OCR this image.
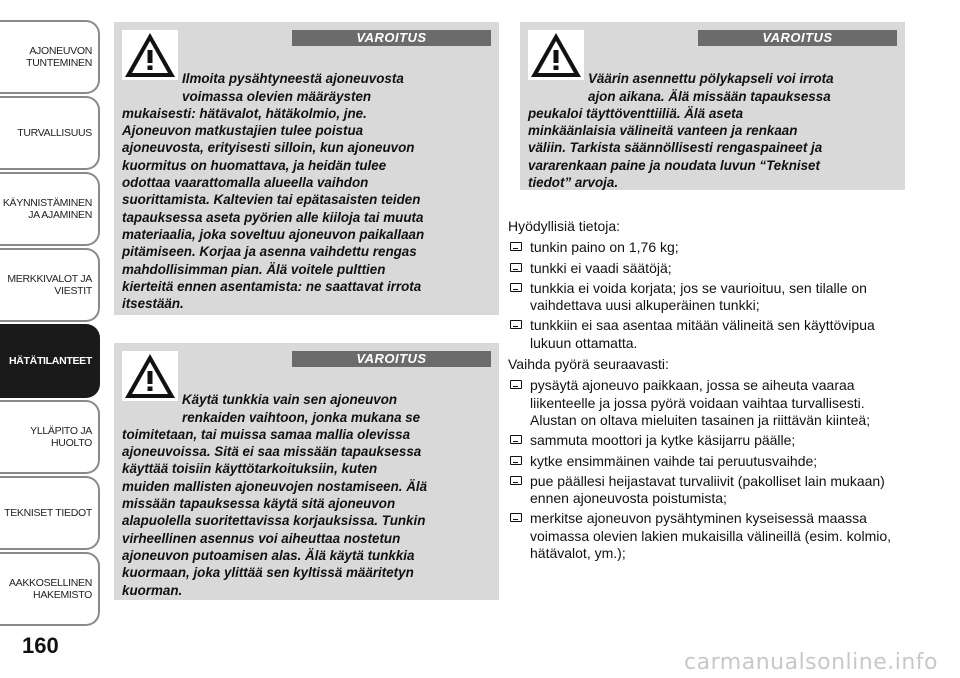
AJONEUVON
TUNTEMINEN
TURVALLISUUS
KÄYNNISTÄMINEN
JA AJAMINEN
MERKKIVALOT JA
VIESTIT
HÄTÄTILANTEET
YLLÄPITO JA HUOLTO
TEKNISET TIEDOT
AAKKOSELLINEN
HAKEMISTO
160
VAROITUS

Ilmoita pysähtyneestä ajoneuvosta
voimassa olevien määräysten
mukaisesti: hätävalot, hätäkolmio, jne.
Ajoneuvon matkustajien tulee poistua
ajoneuvosta, erityisesti silloin, kun ajoneuvon
kuormitus on huomattava, ja heidän tulee
odottaa vaarattomalla alueella vaihdon
suorittamista. Kaltevien tai epätasaisten teiden
tapauksessa aseta pyörien alle kiiloja tai muuta
materiaalia, joka soveltuu ajoneuvon paikallaan
pitämiseen. Korjaa ja asenna vaihdettu rengas
mahdollisimman pian. Älä voitele pulttien
kierteitä ennen asentamista: ne saattavat irrota
itsestään.

VAROITUS

Käytä tunkkia vain sen ajoneuvon
renkaiden vaihtoon, jonka mukana se
toimitetaan, tai muissa samaa mallia olevissa
ajoneuvoissa. Sitä ei saa missään tapauksessa
käyttää toisiin käyttötarkoituksiin, kuten
muiden mallisten ajoneuvojen nostamiseen. Älä
missään tapauksessa käytä sitä ajoneuvon
alapuolella suoritettavissa korjauksissa. Tunkin
virheellinen asennus voi aiheuttaa nostetun
ajoneuvon putoamisen alas. Älä käytä tunkkia
kuormaan, joka ylittää sen kyltissä määritetyn
kuorman.

VAROITUS

Väärin asennettu pölykapseli voi irrota
ajon aikana. Älä missään tapauksessa
peukaloi täyttöventtiiliä. Älä aseta
minkäänlaisia välineitä vanteen ja renkaan
väliin. Tarkista säännöllisesti rengaspaineet ja
vararenkaan paine ja noudata luvun “Tekniset
tiedot” arvoja.

Hyödyllisiä tietoja:

tunkin paino on 1,76 kg;
tunkki ei vaadi säätöjä;
tunkkia ei voida korjata; jos se vaurioituu, sen tilalle on vaihdettava uusi alkuperäinen tunkki;
tunkkiin ei saa asentaa mitään välineitä sen käyttövipua lukuun ottamatta.

Vaihda pyörä seuraavasti:

pysäytä ajoneuvo paikkaan, jossa se aiheuta vaaraa liikenteelle ja jossa pyörä voidaan vaihtaa turvallisesti. Alustan on oltava mieluiten tasainen ja riittävän kiinteä;
sammuta moottori ja kytke käsijarru päälle;
kytke ensimmäinen vaihde tai peruutusvaihde;
pue päällesi heijastavat turvaliivit (pakolliset lain mukaan) ennen ajoneuvosta poistumista;
merkitse ajoneuvon pysähtyminen kyseisessä maassa voimassa olevien lakien mukaisilla välineillä (esim. kolmio, hätävalot, ym.);
carmanualsonline.info
